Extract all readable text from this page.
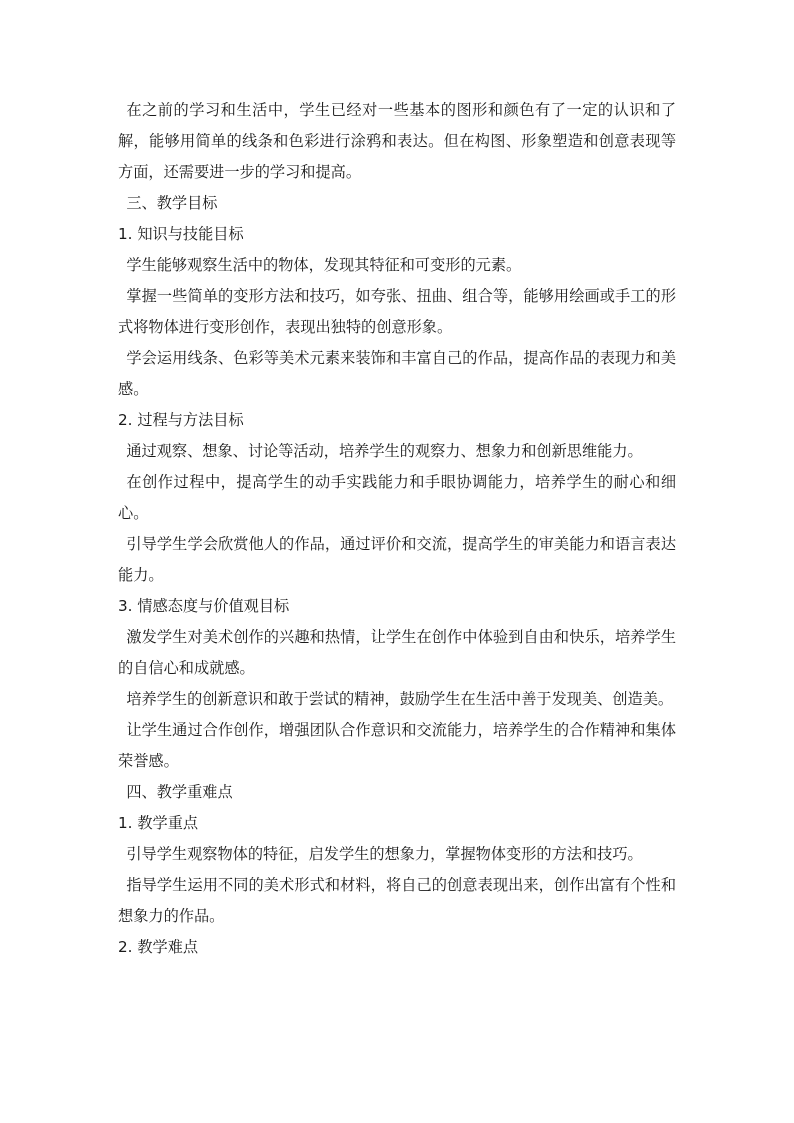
在之前的学习和生活中，学生已经对一些基本的图形和颜色有了一定的认识和了解，能够用简单的线条和色彩进行涂鸦和表达。但在构图、形象塑造和创意表现等方面，还需要进一步的学习和提高。

三、教学目标

1. 知识与技能目标

学生能够观察生活中的物体，发现其特征和可变形的元素。

掌握一些简单的变形方法和技巧，如夸张、扭曲、组合等，能够用绘画或手工的形式将物体进行变形创作，表现出独特的创意形象。

学会运用线条、色彩等美术元素来装饰和丰富自己的作品，提高作品的表现力和美感。

2. 过程与方法目标

通过观察、想象、讨论等活动，培养学生的观察力、想象力和创新思维能力。

在创作过程中，提高学生的动手实践能力和手眼协调能力，培养学生的耐心和细心。

引导学生学会欣赏他人的作品，通过评价和交流，提高学生的审美能力和语言表达能力。

3. 情感态度与价值观目标

激发学生对美术创作的兴趣和热情，让学生在创作中体验到自由和快乐，培养学生的自信心和成就感。

培养学生的创新意识和敢于尝试的精神，鼓励学生在生活中善于发现美、创造美。

让学生通过合作创作，增强团队合作意识和交流能力，培养学生的合作精神和集体荣誉感。

四、教学重难点

1. 教学重点

引导学生观察物体的特征，启发学生的想象力，掌握物体变形的方法和技巧。

指导学生运用不同的美术形式和材料，将自己的创意表现出来，创作出富有个性和想象力的作品。

2. 教学难点
